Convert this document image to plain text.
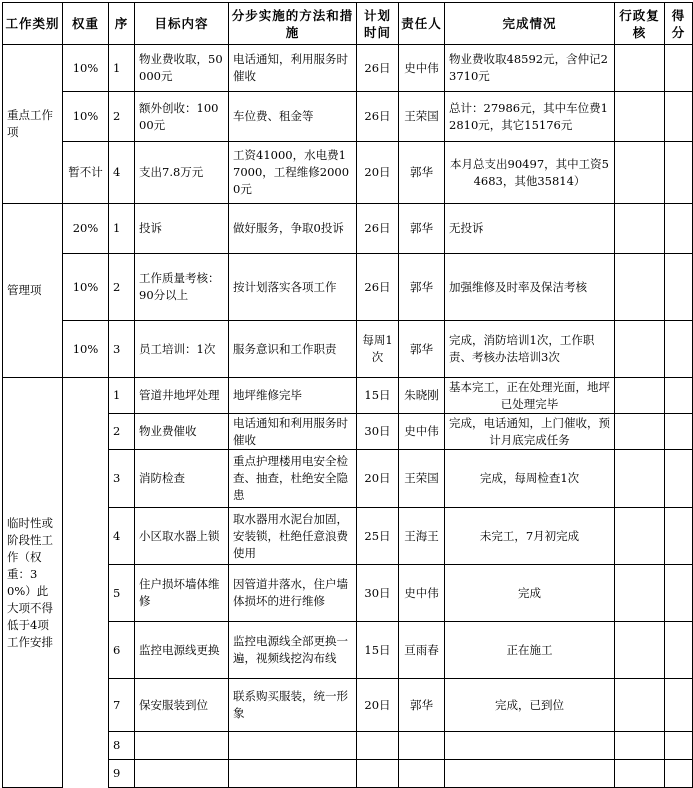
工作类别	权重	序	目标内容	分步实施的方法和措施	计划时间	责任人	完成情况	行政复核	得分
重点工作项	10%	1	物业费收取，50000元	电话通知，利用服务时催收	26日	史中伟	物业费收取48592元，含仲记23710元		
	10%	2	额外创收：10000元	车位费、租金等	26日	王荣国	总计：27986元，其中车位费12810元，其它15176元		
	暂不计	4	支出7.8万元	工资41000，水电费17000，工程维修20000元	20日	郭华	本月总支出90497，其中工资54683，其他35814）		
管理项	20%	1	投诉	做好服务，争取0投诉	26日	郭华	无投诉		
	10%	2	工作质量考核：90分以上	按计划落实各项工作	26日	郭华	加强维修及时率及保洁考核		
	10%	3	员工培训：1次	服务意识和工作职责	每周1次	郭华	完成，消防培训1次，工作职责、考核办法培训3次		
临时性或阶段性工作（权重：30%）此大项不得低于4项工作安排		1	管道井地坪处理	地坪维修完毕	15日	朱晓刚	基本完工，正在处理光面，地坪已处理完毕		
		2	物业费催收	电话通知和利用服务时催收	30日	史中伟	完成，电话通知，上门催收，预计月底完成任务		
		3	消防检查	重点护理楼用电安全检查、抽查，杜绝安全隐患	20日	王荣国	完成，每周检查1次		
		4	小区取水器上锁	取水器用水泥台加固，安装锁，杜绝任意浪费使用	25日	王海王	未完工，7月初完成		
		5	住户损坏墙体维修	因管道井落水，住户墙体损坏的进行维修	30日	史中伟	完成		
		6	监控电源线更换	监控电源线全部更换一遍，视频线挖沟布线	15日	亘雨春	正在施工		
		7	保安服装到位	联系购买服装，统一形象	20日	郭华	完成，已到位		
		8							
		9							
